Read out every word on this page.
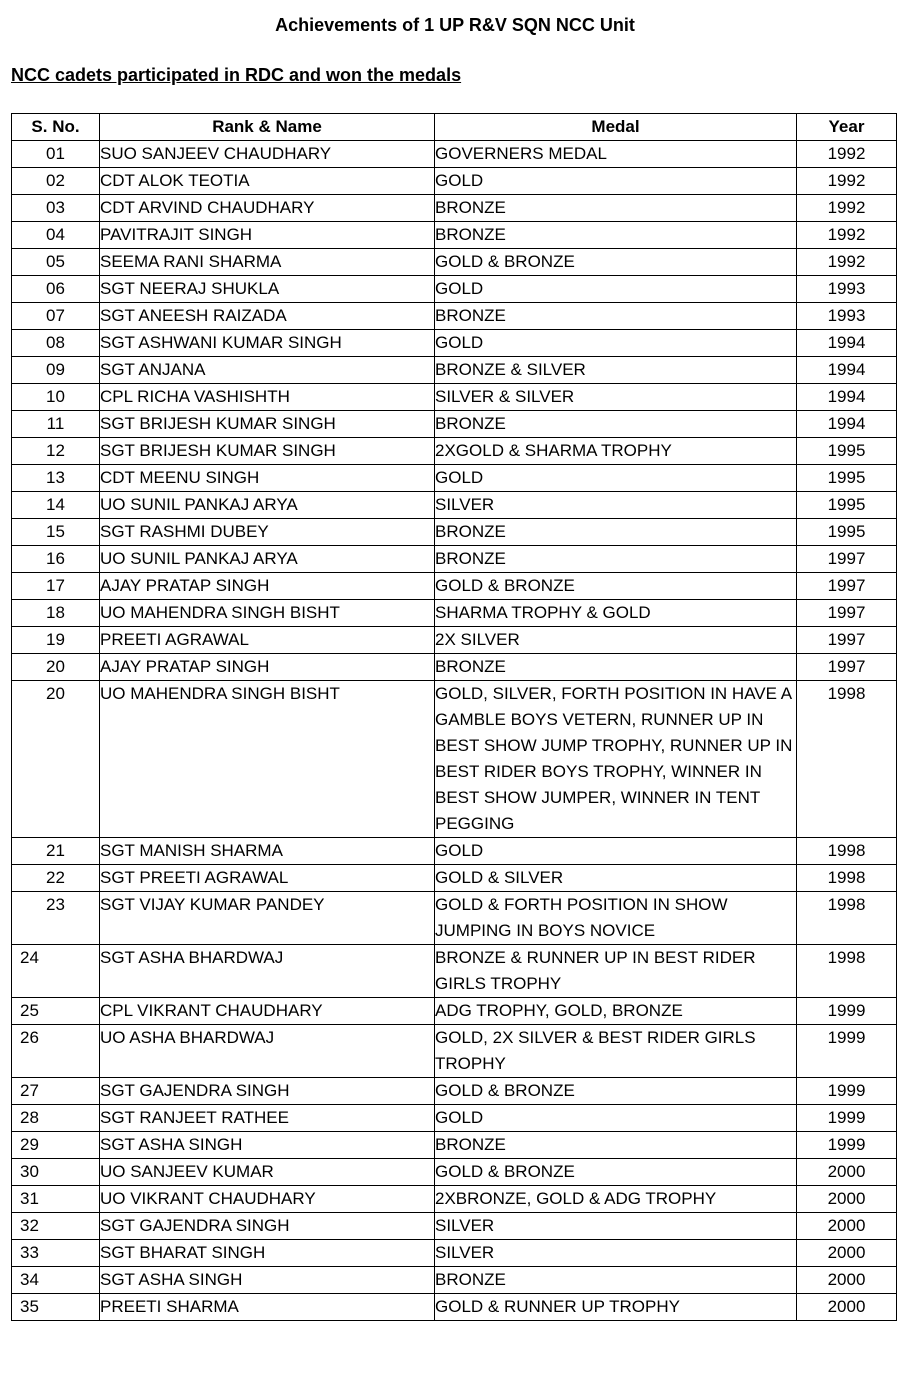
Achievements of 1 UP R&V SQN NCC Unit
NCC cadets participated in RDC and won the medals
S. No.	Rank & Name	Medal	Year
01	SUO SANJEEV CHAUDHARY	GOVERNERS MEDAL	1992
02	CDT ALOK TEOTIA	GOLD	1992
03	CDT ARVIND CHAUDHARY	BRONZE	1992
04	PAVITRAJIT SINGH	BRONZE	1992
05	SEEMA RANI SHARMA	GOLD & BRONZE	1992
06	SGT NEERAJ SHUKLA	GOLD	1993
07	SGT ANEESH RAIZADA	BRONZE	1993
08	SGT ASHWANI KUMAR SINGH	GOLD	1994
09	SGT ANJANA	BRONZE & SILVER	1994
10	CPL RICHA VASHISHTH	SILVER & SILVER	1994
11	SGT BRIJESH KUMAR SINGH	BRONZE	1994
12	SGT BRIJESH KUMAR SINGH	2XGOLD & SHARMA TROPHY	1995
13	CDT MEENU SINGH	GOLD	1995
14	UO SUNIL PANKAJ ARYA	SILVER	1995
15	SGT RASHMI DUBEY	BRONZE	1995
16	UO SUNIL PANKAJ ARYA	BRONZE	1997
17	AJAY PRATAP SINGH	GOLD & BRONZE	1997
18	UO MAHENDRA SINGH BISHT	SHARMA TROPHY & GOLD	1997
19	PREETI AGRAWAL	2X SILVER	1997
20	AJAY PRATAP SINGH	BRONZE	1997
20	UO MAHENDRA SINGH BISHT	GOLD, SILVER, FORTH POSITION IN HAVE A GAMBLE BOYS VETERN, RUNNER UP IN BEST SHOW JUMP TROPHY, RUNNER UP IN BEST RIDER BOYS TROPHY, WINNER IN BEST SHOW JUMPER, WINNER IN TENT PEGGING	1998
21	SGT MANISH SHARMA	GOLD	1998
22	SGT PREETI AGRAWAL	GOLD & SILVER	1998
23	SGT VIJAY KUMAR PANDEY	GOLD & FORTH POSITION IN SHOW JUMPING IN BOYS NOVICE	1998
24	SGT ASHA BHARDWAJ	BRONZE & RUNNER UP IN BEST RIDER GIRLS TROPHY	1998
25	CPL VIKRANT CHAUDHARY	ADG TROPHY, GOLD, BRONZE	1999
26	UO ASHA BHARDWAJ	GOLD, 2X SILVER & BEST RIDER GIRLS TROPHY	1999
27	SGT GAJENDRA SINGH	GOLD & BRONZE	1999
28	SGT RANJEET RATHEE	GOLD	1999
29	SGT ASHA SINGH	BRONZE	1999
30	UO SANJEEV KUMAR	GOLD & BRONZE	2000
31	UO VIKRANT CHAUDHARY	2XBRONZE, GOLD & ADG TROPHY	2000
32	SGT GAJENDRA SINGH	SILVER	2000
33	SGT BHARAT SINGH	SILVER	2000
34	SGT ASHA SINGH	BRONZE	2000
35	PREETI SHARMA	GOLD & RUNNER UP TROPHY	2000
